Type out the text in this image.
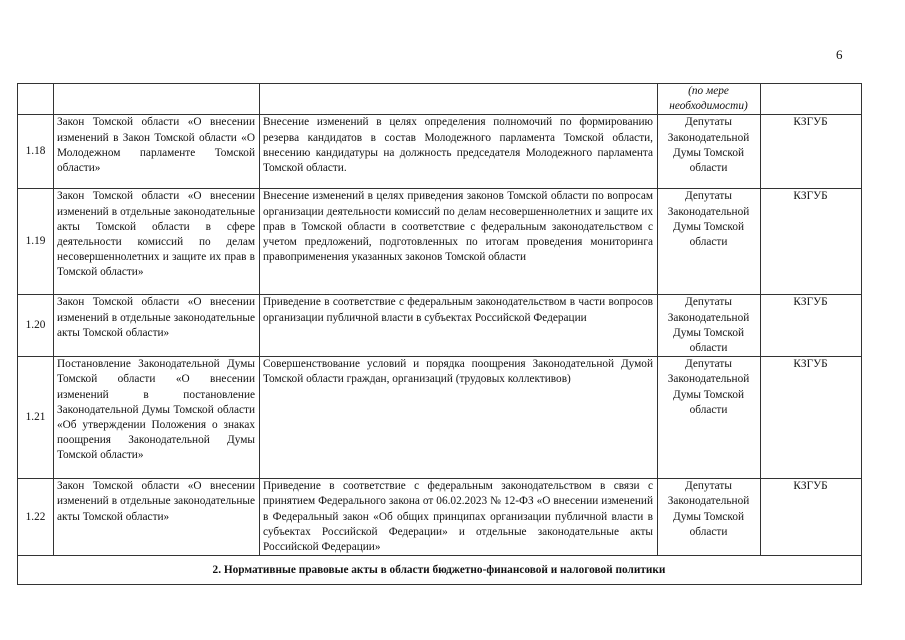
6
			(по мере необходимости)	
1.18	Закон Томской области «О внесении изменений в Закон Томской области «О Молодежном парламенте Томской области»	Внесение изменений в целях определения полномочий по формированию резерва кандидатов в состав Молодежного парламента Томской области, внесению кандидатуры на должность председателя Молодежного парламента Томской области.	Депутаты Законодательной Думы Томской области	КЗГУБ
1.19	Закон Томской области «О внесении изменений в отдельные законодательные акты Томской области в сфере деятельности комиссий по делам несовершеннолетних и защите их прав в Томской области»	Внесение изменений в целях приведения законов Томской области по вопросам организации деятельности комиссий по делам несовершеннолетних и защите их прав в Томской области в соответствие с федеральным законодательством с учетом предложений, подготовленных по итогам проведения мониторинга правоприменения указанных законов Томской области	Депутаты Законодательной Думы Томской области	КЗГУБ
1.20	Закон Томской области «О внесении изменений в отдельные законодательные акты Томской области»	Приведение в соответствие с федеральным законодательством в части вопросов организации публичной власти в субъектах Российской Федерации	Депутаты Законодательной Думы Томской области	КЗГУБ
1.21	Постановление Законодательной Думы Томской области «О внесении изменений в постановление Законодательной Думы Томской области «Об утверждении Положения о знаках поощрения Законодательной Думы Томской области»	Совершенствование условий и порядка поощрения Законодательной Думой Томской области граждан, организаций (трудовых коллективов)	Депутаты Законодательной Думы Томской области	КЗГУБ
1.22	Закон Томской области «О внесении изменений в отдельные законодательные акты Томской области»	Приведение в соответствие с федеральным законодательством в связи с принятием Федерального закона от 06.02.2023 № 12-ФЗ «О внесении изменений в Федеральный закон «Об общих принципах организации публичной власти в субъектах Российской Федерации» и отдельные законодательные акты Российской Федерации»	Депутаты Законодательной Думы Томской области	КЗГУБ
2. Нормативные правовые акты в области бюджетно-финансовой и налоговой политики				
